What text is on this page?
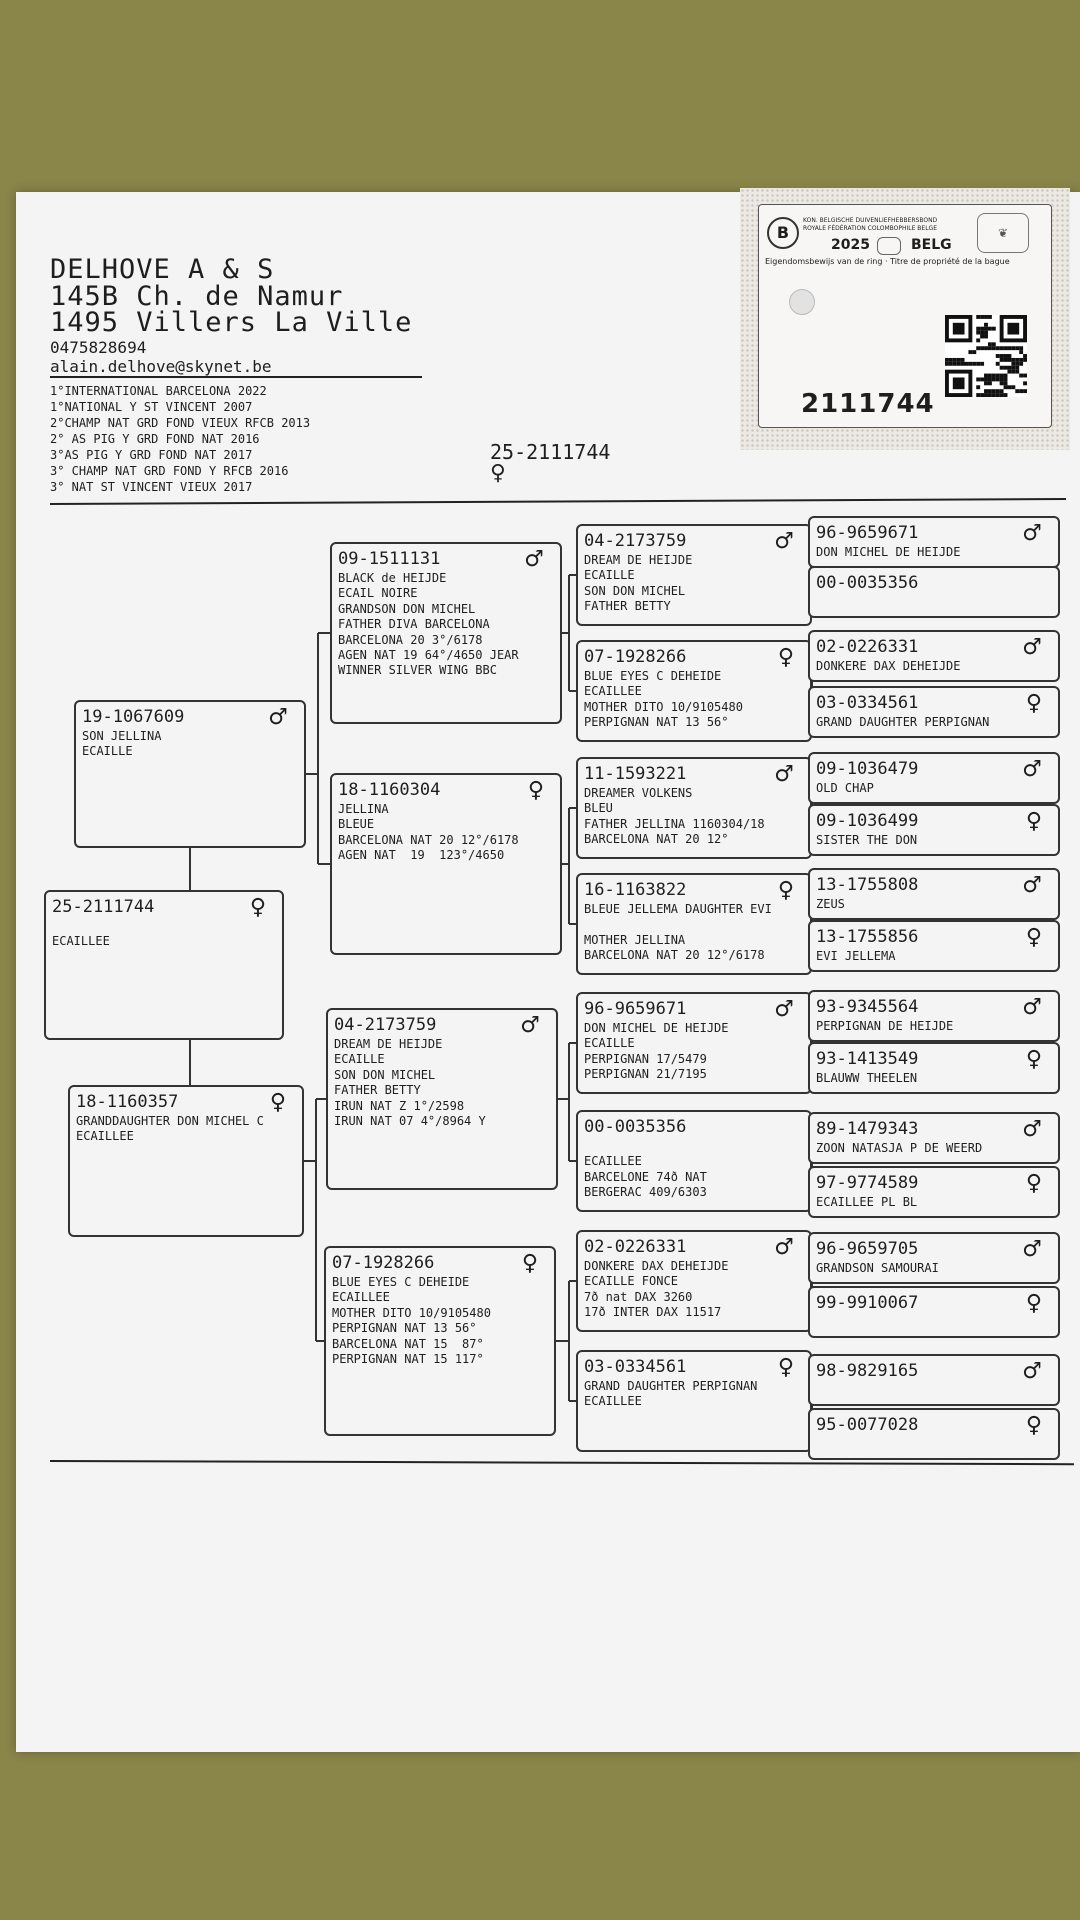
DELHOVE A & S
145B Ch. de Namur
1495 Villers La Ville
0475828694
alain.delhove@skynet.be
1°INTERNATIONAL BARCELONA 2022
1°NATIONAL Y ST VINCENT 2007
2°CHAMP NAT GRD FOND VIEUX RFCB 2013
2° AS PIG Y GRD FOND NAT 2016
3°AS PIG Y GRD FOND NAT 2017
3° CHAMP NAT GRD FOND Y RFCB 2016
3° NAT ST VINCENT VIEUX 2017
25-2111744
♀
B
KON. BELGISCHE DUIVENLIEFHEBBERSBOND
ROYALE FÉDÉRATION COLOMBOPHILE BELGE
2025	BELG
❦
Eigendomsbewijs van de ring · Titre de propriété de la bague
2111744
25-2111744	♀

ECAILLEE
19-1067609	♂
SON JELLINA
ECAILLE
18-1160357	♀
GRANDDAUGHTER DON MICHEL C
ECAILLEE
09-1511131	♂
BLACK de HEIJDE
ECAIL NOIRE
GRANDSON DON MICHEL
FATHER DIVA BARCELONA
BARCELONA 20 3°/6178
AGEN NAT 19 64°/4650 JEAR
WINNER SILVER WING BBC
18-1160304	♀
JELLINA
BLEUE
BARCELONA NAT 20 12°/6178
AGEN NAT  19  123°/4650
04-2173759	♂
DREAM DE HEIJDE
ECAILLE
SON DON MICHEL
FATHER BETTY
IRUN NAT Z 1°/2598
IRUN NAT 07 4°/8964 Y
07-1928266	♀
BLUE EYES C DEHEIDE
ECAILLEE
MOTHER DITO 10/9105480
PERPIGNAN NAT 13 56°
BARCELONA NAT 15  87°
PERPIGNAN NAT 15 117°
04-2173759	♂
DREAM DE HEIJDE
ECAILLE
SON DON MICHEL
FATHER BETTY
07-1928266	♀
BLUE EYES C DEHEIDE
ECAILLEE
MOTHER DITO 10/9105480
PERPIGNAN NAT 13 56°
11-1593221	♂
DREAMER VOLKENS
BLEU
FATHER JELLINA 1160304/18
BARCELONA NAT 20 12°
16-1163822	♀
BLEUE JELLEMA DAUGHTER EVI

MOTHER JELLINA
BARCELONA NAT 20 12°/6178
96-9659671	♂
DON MICHEL DE HEIJDE
ECAILLE
PERPIGNAN 17/5479
PERPIGNAN 21/7195
00-0035356

ECAILLEE
BARCELONE 74ð NAT
BERGERAC 409/6303
02-0226331	♂
DONKERE DAX DEHEIJDE
ECAILLE FONCE
7ð nat DAX 3260
17ð INTER DAX 11517
03-0334561	♀
GRAND DAUGHTER PERPIGNAN
ECAILLEE
96-9659671	♂
DON MICHEL DE HEIJDE
00-0035356
02-0226331	♂
DONKERE DAX DEHEIJDE
03-0334561	♀
GRAND DAUGHTER PERPIGNAN
09-1036479	♂
OLD CHAP
09-1036499	♀
SISTER THE DON
13-1755808	♂
ZEUS
13-1755856	♀
EVI JELLEMA
93-9345564	♂
PERPIGNAN DE HEIJDE
93-1413549	♀
BLAUWW THEELEN
89-1479343	♂
ZOON NATASJA P DE WEERD
97-9774589	♀
ECAILLEE PL BL
96-9659705	♂
GRANDSON SAMOURAI
99-9910067	♀
98-9829165	♂
95-0077028	♀
